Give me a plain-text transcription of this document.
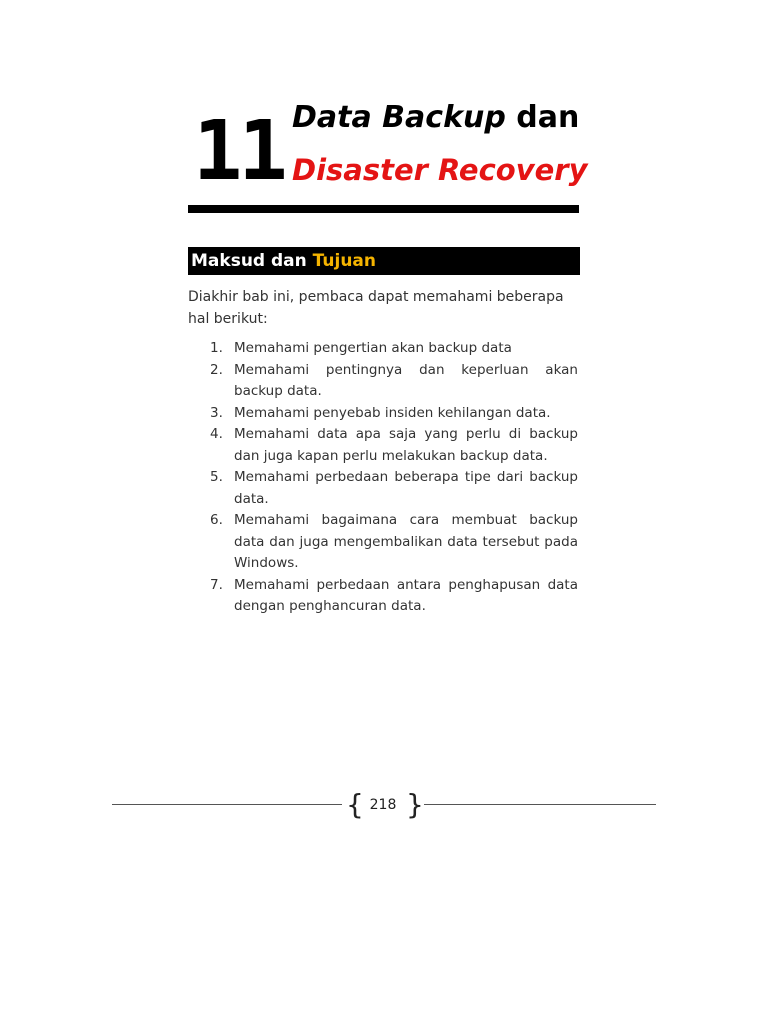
11 Data Backup dan
Disaster Recovery
Maksud dan Tujuan

Diakhir bab ini, pembaca dapat memahami beberapa hal berikut:

1. Memahami pengertian akan backup data
2. Memahami pentingnya dan keperluan akan backup data.
3. Memahami penyebab insiden kehilangan data.
4. Memahami data apa saja yang perlu di backup dan juga kapan perlu melakukan backup data.
5. Memahami perbedaan beberapa tipe dari backup data.
6. Memahami bagaimana cara membuat backup data dan juga mengembalikan data tersebut pada Windows.
7. Memahami perbedaan antara penghapusan data dengan penghancuran data.
{ 218 }
